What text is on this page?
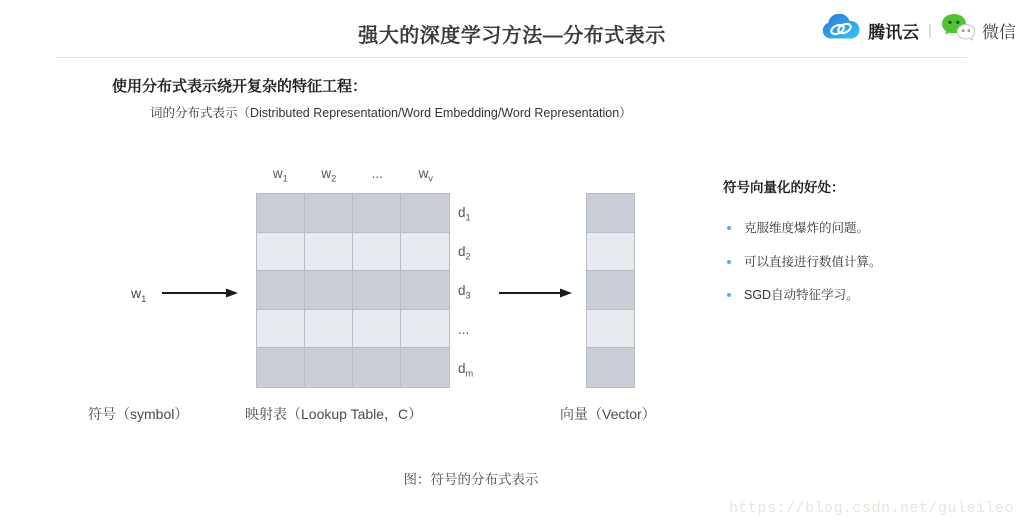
强大的深度学习方法—分布式表示	腾讯云 |	微信
使用分布式表示绕开复杂的特征工程：
词的分布式表示（Distributed Representation/Word Embedding/Word Representation）
$w_1$	$w_2$	...	$w_v$
$d_1$
$d_2$
$d_3$
...
$d_m$
$w_1$
符号（symbol）	映射表（Lookup Table，C）	向量（Vector）
符号向量化的好处：
克服维度爆炸的问题。
可以直接进行数值计算。
SGD自动特征学习。
图：符号的分布式表示
https://blog.csdn.net/guleileo
